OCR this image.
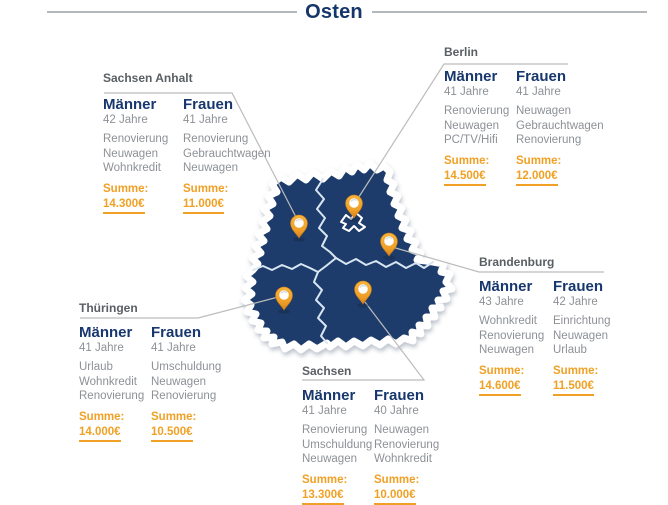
Osten
Sachsen Anhalt
Männer
42 Jahre
Renovierung
Neuwagen
Wohnkredit
Summe:
14.300€
Frauen
41 Jahre
Renovierung
Gebrauchtwagen
Neuwagen
Summe:
11.000€
Berlin
Männer
41 Jahre
Renovierung
Neuwagen
PC/TV/Hifi
Summe:
14.500€
Frauen
41 Jahre
Neuwagen
Gebrauchtwagen
Renovierung
Summe:
12.000€
Brandenburg
Männer
43 Jahre
Wohnkredit
Renovierung
Neuwagen
Summe:
14.600€
Frauen
42 Jahre
Einrichtung
Neuwagen
Urlaub
Summe:
11.500€
Thüringen
Männer
41 Jahre
Urlaub
Wohnkredit
Renovierung
Summe:
14.000€
Frauen
41 Jahre
Umschuldung
Neuwagen
Renovierung
Summe:
10.500€
Sachsen
Männer
41 Jahre
Renovierung
Umschuldung
Neuwagen
Summe:
13.300€
Frauen
40 Jahre
Neuwagen
Renovierung
Wohnkredit
Summe:
10.000€
